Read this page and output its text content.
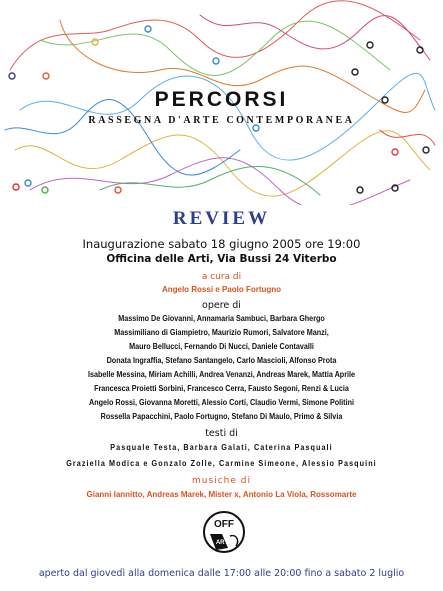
PERCORSI
RASSEGNA D'ARTE CONTEMPORANEA
REVIEW
Inaugurazione sabato 18 giugno 2005 ore 19:00
Officina delle Arti, Via Bussi 24 Viterbo
a cura di
Angelo Rossi e Paolo Fortugno
opere di
Massimo De Giovanni, Annamaria Sambuci, Barbara Ghergo
Massimiliano di Giampietro, Maurizio Rumori, Salvatore Manzi,
Mauro Bellucci, Fernando Di Nucci, Daniele Contavalli
Donata Ingraffia, Stefano Santangelo, Carlo Mascioli, Alfonso Prota
Isabelle Messina, Miriam Achilli, Andrea Venanzi, Andreas Marek, Mattia Aprile
Francesca Proietti Sorbini, Francesco Cerra, Fausto Segoni, Renzi & Lucia
Angelo Rossi, Giovanna Moretti, Alessio Corti, Claudio Vermi, Simone Politini
Rossella Papacchini, Paolo Fortugno, Stefano Di Maulo, Primo & Silvia
testi di
Pasquale Testa, Barbara Galati, Caterina Pasquali
Graziella Modica e Gonzalo Zolle, Carmine Simeone, Alessio Pasquini
musiche di
Gianni Iannitto, Andreas Marek, Mister x, Antonio La Viola, Rossomarte
OFF
ART
aperto dal giovedì alla domenica dalle 17:00 alle 20:00 fino a sabato 2 luglio
